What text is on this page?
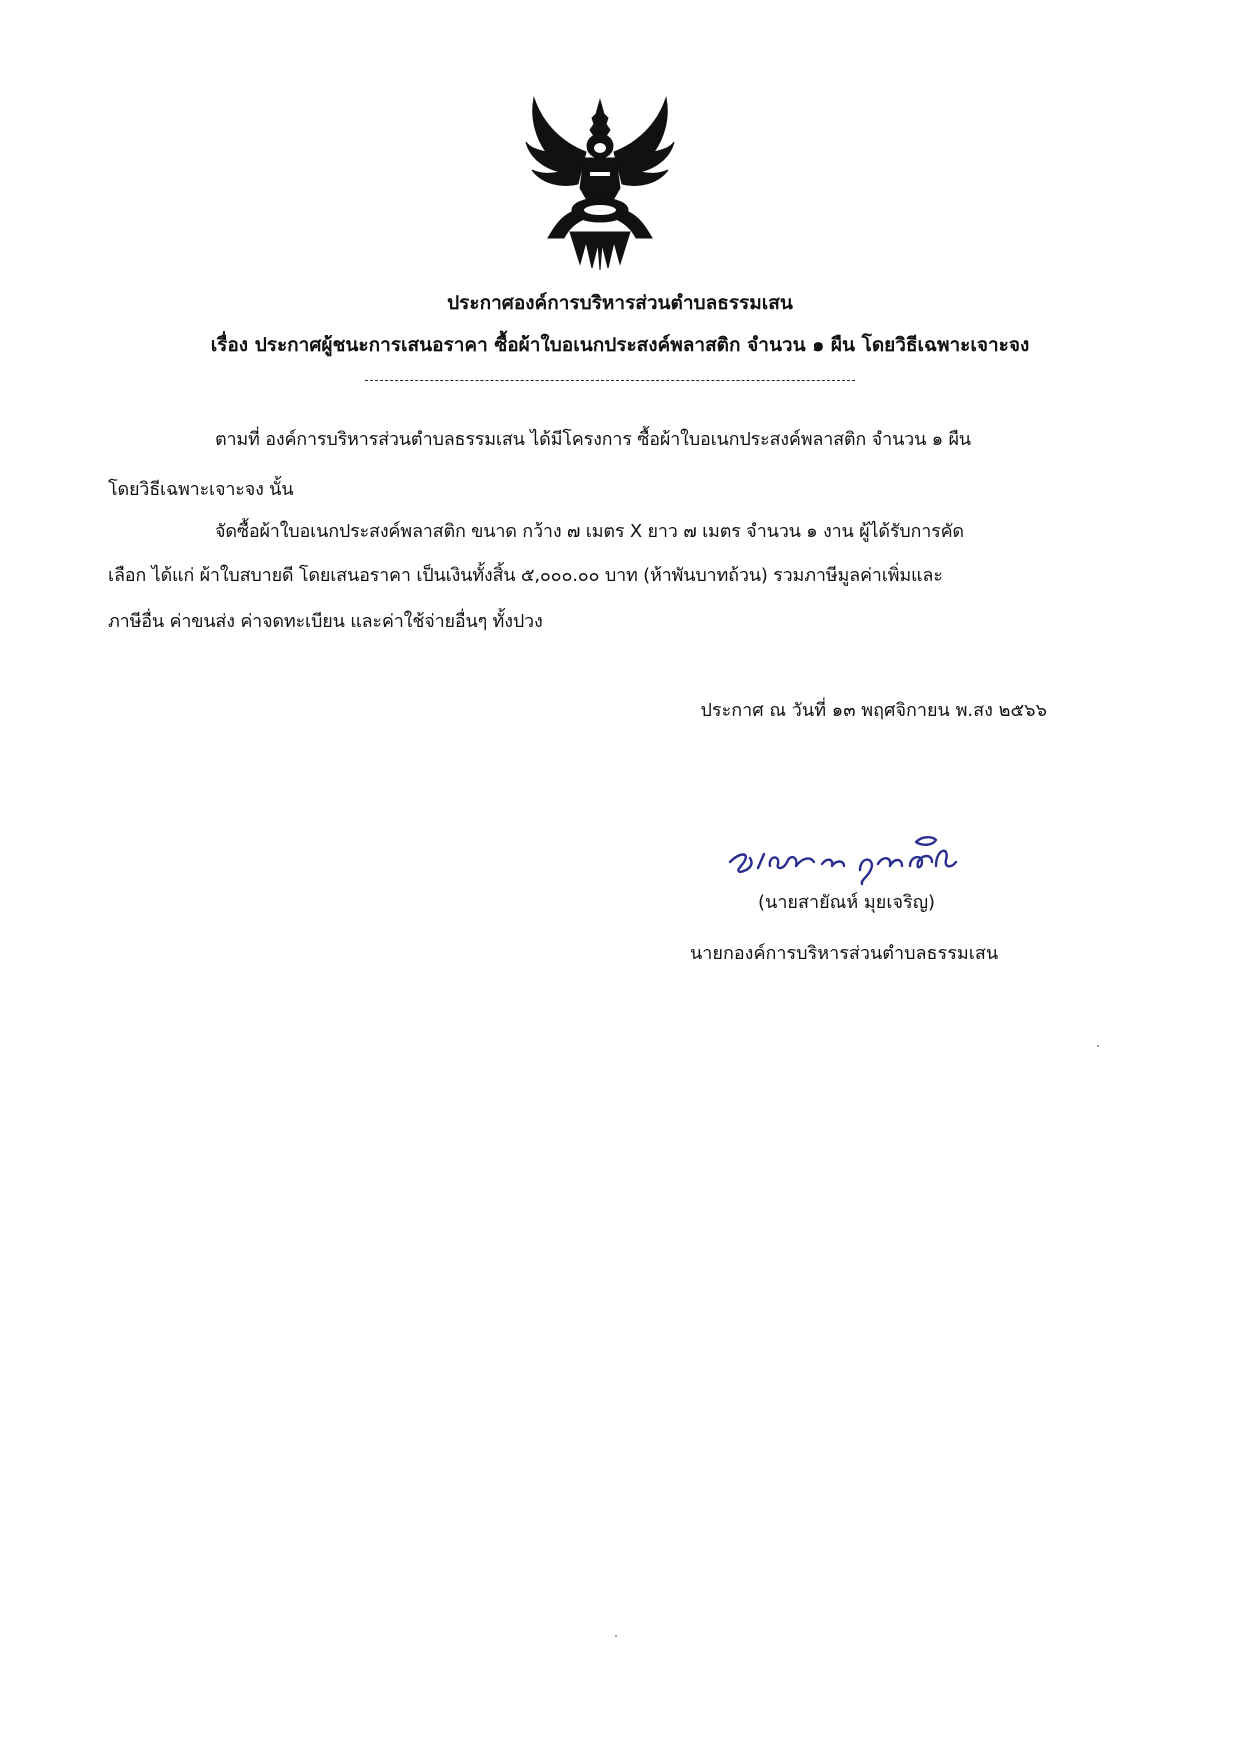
ประกาศองค์การบริหารส่วนตำบลธรรมเสน
เรื่อง ประกาศผู้ชนะการเสนอราคา ซื้อผ้าใบอเนกประสงค์พลาสติก จำนวน ๑ ผืน โดยวิธีเฉพาะเจาะจง
ตามที่ องค์การบริหารส่วนตำบลธรรมเสน ได้มีโครงการ ซื้อผ้าใบอเนกประสงค์พลาสติก จำนวน ๑ ผืน
โดยวิธีเฉพาะเจาะจง นั้น
จัดซื้อผ้าใบอเนกประสงค์พลาสติก ขนาด กว้าง ๗ เมตร X ยาว ๗ เมตร จำนวน ๑ งาน ผู้ได้รับการคัด
เลือก ได้แก่ ผ้าใบสบายดี โดยเสนอราคา เป็นเงินทั้งสิ้น ๕,๐๐๐.๐๐ บาท (ห้าพันบาทถ้วน) รวมภาษีมูลค่าเพิ่มและ
ภาษีอื่น ค่าขนส่ง ค่าจดทะเบียน และค่าใช้จ่ายอื่นๆ ทั้งปวง
ประกาศ ณ วันที่ ๑๓ พฤศจิกายน พ.สง ๒๕๖๖
(นายสายัณห์ มุยเจริญ)
นายกองค์การบริหารส่วนตำบลธรรมเสน
